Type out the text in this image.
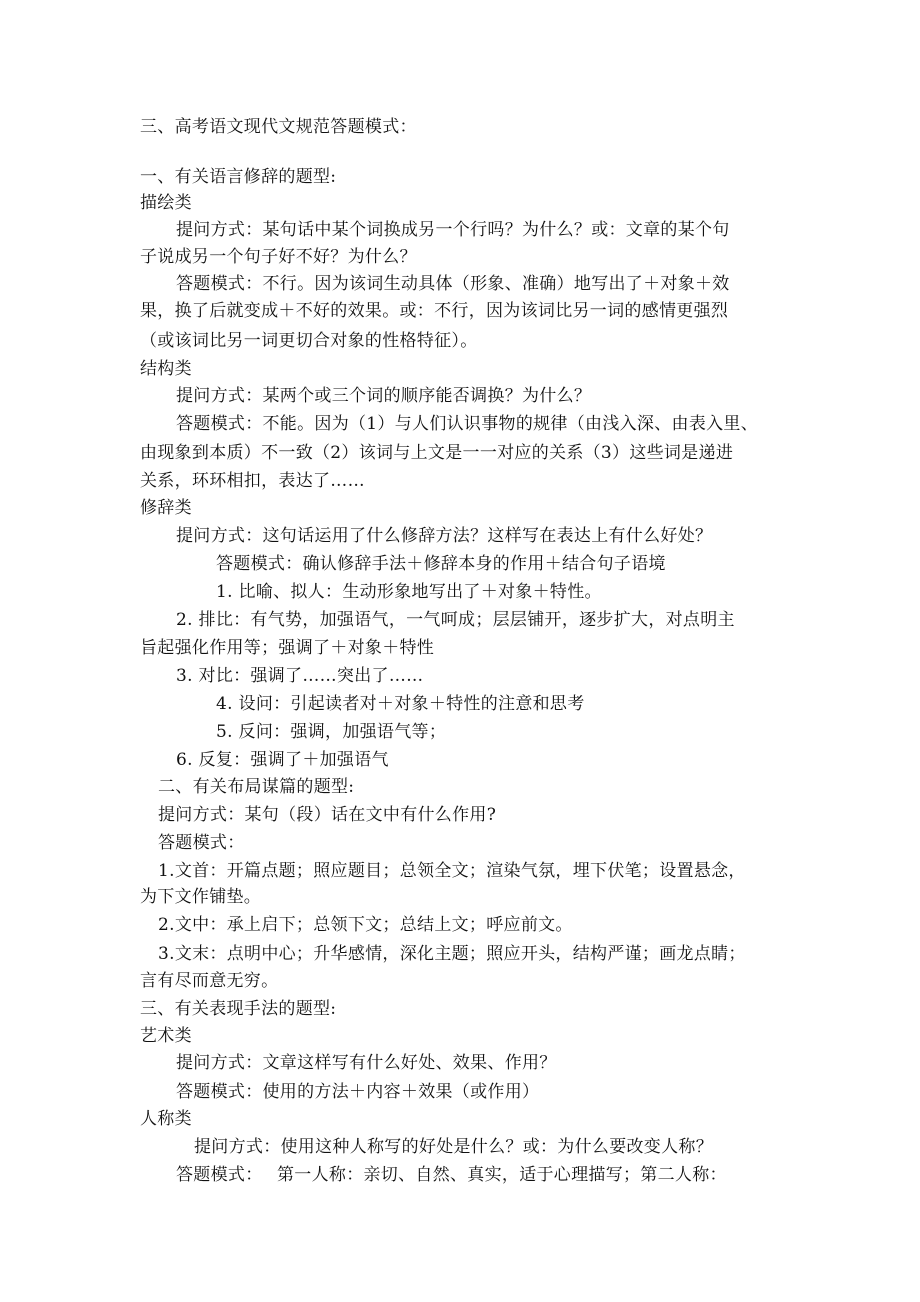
三、高考语文现代文规范答题模式：
一、有关语言修辞的题型:
描绘类
提问方式：某句话中某个词换成另一个行吗？为什么？或：文章的某个句
子说成另一个句子好不好？为什么？
答题模式：不行。因为该词生动具体（形象、准确）地写出了＋对象＋效
果，换了后就变成＋不好的效果。或：不行，因为该词比另一词的感情更强烈
（或该词比另一词更切合对象的性格特征）。
结构类
提问方式：某两个或三个词的顺序能否调换？为什么？
答题模式：不能。因为（1）与人们认识事物的规律（由浅入深、由表入里、
由现象到本质）不一致（2）该词与上文是一一对应的关系（3）这些词是递进
关系，环环相扣，表达了……
修辞类
提问方式：这句话运用了什么修辞方法？这样写在表达上有什么好处？
答题模式：确认修辞手法＋修辞本身的作用＋结合句子语境
1. 比喻、拟人：生动形象地写出了＋对象＋特性。
2. 排比：有气势，加强语气，一气呵成；层层铺开，逐步扩大，对点明主
旨起强化作用等；强调了＋对象＋特性
3. 对比：强调了……突出了……
4. 设问：引起读者对＋对象＋特性的注意和思考
5. 反问：强调，加强语气等；
6. 反复：强调了＋加强语气
二、有关布局谋篇的题型:
提问方式：某句（段）话在文中有什么作用?
答题模式：
1.文首：开篇点题；照应题目；总领全文；渲染气氛，埋下伏笔；设置悬念，
为下文作铺垫。
2.文中：承上启下；总领下文；总结上文；呼应前文。
3.文末：点明中心；升华感情，深化主题；照应开头，结构严谨；画龙点睛；
言有尽而意无穷。
三、有关表现手法的题型:
艺术类
提问方式：文章这样写有什么好处、效果、作用？
答题模式：使用的方法＋内容＋效果（或作用）
人称类
提问方式：使用这种人称写的好处是什么？或：为什么要改变人称？
答题模式：　 第一人称：亲切、自然、真实，适于心理描写；第二人称：
